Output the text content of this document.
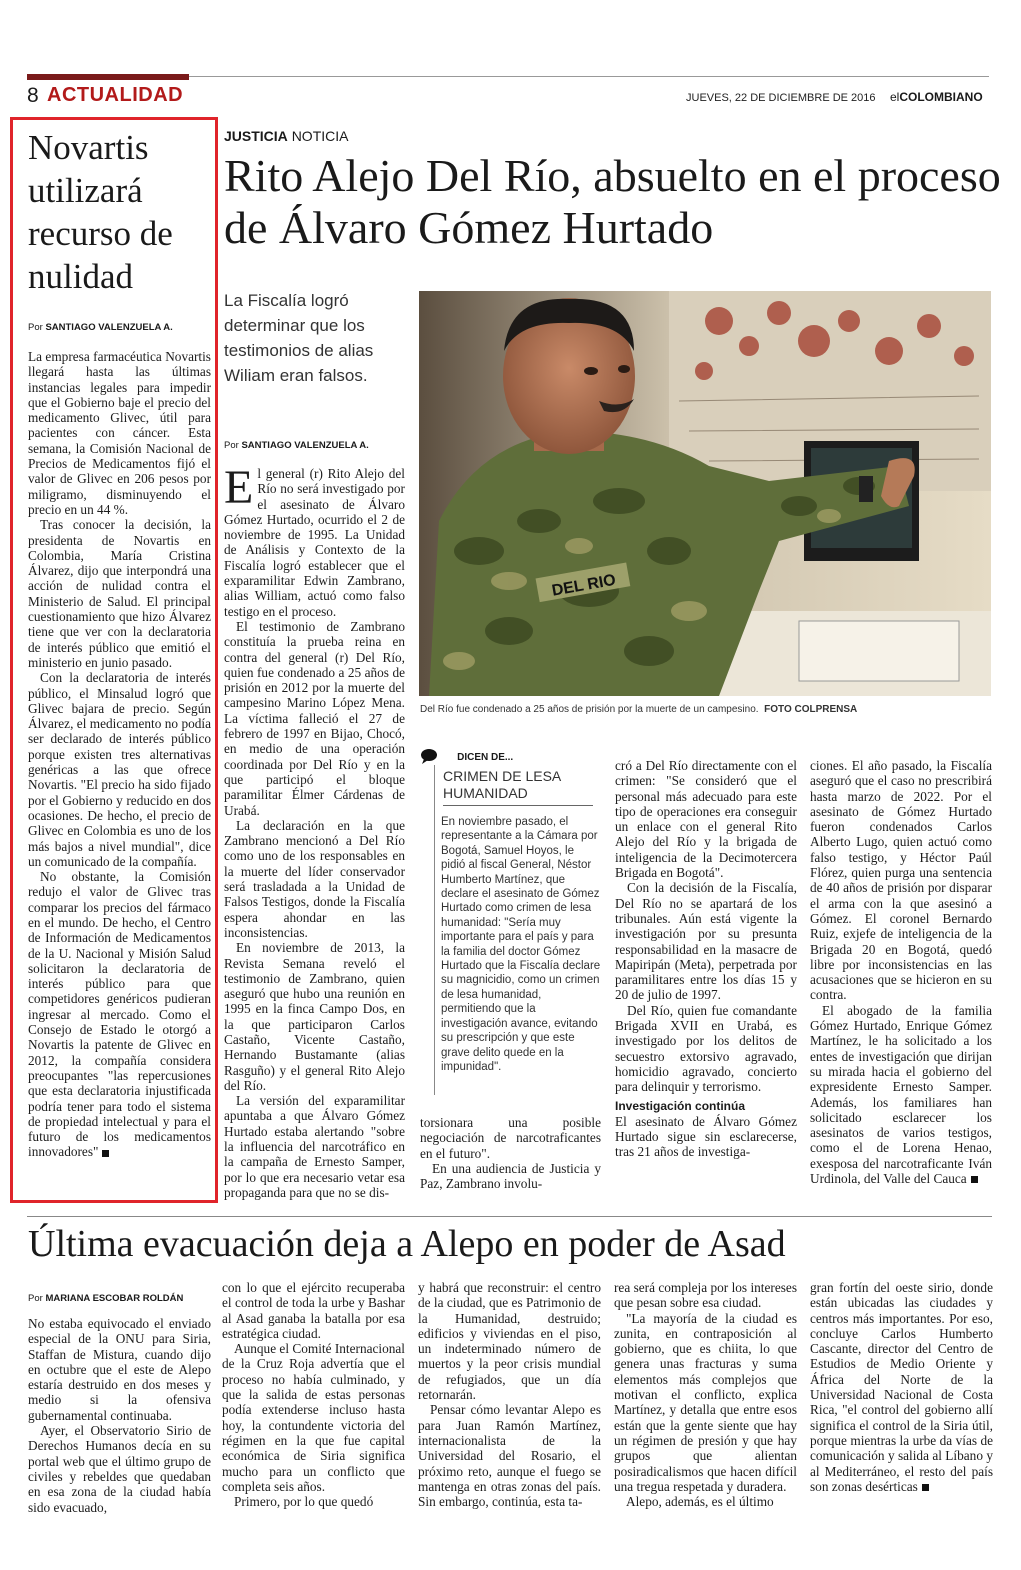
8 ACTUALIDAD	JUEVES, 22 DE DICIEMBRE DE 2016 elCOLOMBIANO
Novartis utilizará recurso de nulidad
Por SANTIAGO VALENZUELA A.

La empresa farmacéutica Novartis llegará hasta las últimas instancias legales para impedir que el Gobierno baje el precio del medicamento Glivec, útil para pacientes con cáncer. Esta semana, la Comisión Nacional de Precios de Medicamentos fijó el valor de Glivec en 206 pesos por miligramo, disminuyendo el precio en un 44 %.

Tras conocer la decisión, la presidenta de Novartis en Colombia, María Cristina Álvarez, dijo que interpondrá una acción de nulidad contra el Ministerio de Salud. El principal cuestionamiento que hizo Álvarez tiene que ver con la declaratoria de interés público que emitió el ministerio en junio pasado.

Con la declaratoria de interés público, el Minsalud logró que Glivec bajara de precio. Según Álvarez, el medicamento no podía ser declarado de interés público porque existen tres alternativas genéricas a las que ofrece Novartis. "El precio ha sido fijado por el Gobierno y reducido en dos ocasiones. De hecho, el precio de Glivec en Colombia es uno de los más bajos a nivel mundial", dice un comunicado de la compañía.

No obstante, la Comisión redujo el valor de Glivec tras comparar los precios del fármaco en el mundo. De hecho, el Centro de Información de Medicamentos de la U. Nacional y Misión Salud solicitaron la declaratoria de interés público para que competidores genéricos pudieran ingresar al mercado. Como el Consejo de Estado le otorgó a Novartis la patente de Glivec en 2012, la compañía considera preocupantes "las repercusiones que esta declaratoria injustificada podría tener para todo el sistema de propiedad intelectual y para el futuro de los medicamentos innovadores"

JUSTICIA NOTICIA
Rito Alejo Del Río, absuelto en el proceso de Álvaro Gómez Hurtado
La Fiscalía logró determinar que los testimonios de alias Wiliam eran falsos.
Por SANTIAGO VALENZUELA A.
DEL RIO
Del Río fue condenado a 25 años de prisión por la muerte de un campesino. FOTO COLPRENSA

El general (r) Rito Alejo del Río no será investigado por el asesinato de Álvaro Gómez Hurtado, ocurrido el 2 de noviembre de 1995. La Unidad de Análisis y Contexto de la Fiscalía logró establecer que el exparamilitar Edwin Zambrano, alias William, actuó como falso testigo en el proceso.

El testimonio de Zambrano constituía la prueba reina en contra del general (r) Del Río, quien fue condenado a 25 años de prisión en 2012 por la muerte del campesino Marino López Mena. La víctima falleció el 27 de febrero de 1997 en Bijao, Chocó, en medio de una operación coordinada por Del Río y en la que participó el bloque paramilitar Élmer Cárdenas de Urabá.

La declaración en la que Zambrano mencionó a Del Río como uno de los responsables en la muerte del líder conservador será trasladada a la Unidad de Falsos Testigos, donde la Fiscalía espera ahondar en las inconsistencias.

En noviembre de 2013, la Revista Semana reveló el testimonio de Zambrano, quien aseguró que hubo una reunión en 1995 en la finca Campo Dos, en la que participaron Carlos Castaño, Vicente Castaño, Hernando Bustamante (alias Rasguño) y el general Rito Alejo del Río.

La versión del exparamilitar apuntaba a que Álvaro Gómez Hurtado estaba alertando "sobre la influencia del narcotráfico en la campaña de Ernesto Samper, por lo que era necesario vetar esa propaganda para que no se dis-

DICEN DE...
CRIMEN DE LESA HUMANIDAD
En noviembre pasado, el representante a la Cámara por Bogotá, Samuel Hoyos, le pidió al fiscal General, Néstor Humberto Martínez, que declare el asesinato de Gómez Hurtado como crimen de lesa humanidad: "Sería muy importante para el país y para la familia del doctor Gómez Hurtado que la Fiscalía declare su magnicidio, como un crimen de lesa humanidad, permitiendo que la investigación avance, evitando su prescripción y que este grave delito quede en la impunidad".

torsionara una posible negociación de narcotraficantes en el futuro".

En una audiencia de Justicia y Paz, Zambrano involu-

cró a Del Río directamente con el crimen: "Se consideró que el personal más adecuado para este tipo de operaciones era conseguir un enlace con el general Rito Alejo del Río y la brigada de inteligencia de la Decimotercera Brigada en Bogotá".

Con la decisión de la Fiscalía, Del Río no se apartará de los tribunales. Aún está vigente la investigación por su presunta responsabilidad en la masacre de Mapiripán (Meta), perpetrada por paramilitares entre los días 15 y 20 de julio de 1997.

Del Río, quien fue comandante Brigada XVII en Urabá, es investigado por los delitos de secuestro extorsivo agravado, homicidio agravado, concierto para delinquir y terrorismo.

Investigación continúa

El asesinato de Álvaro Gómez Hurtado sigue sin esclarecerse, tras 21 años de investiga-

ciones. El año pasado, la Fiscalía aseguró que el caso no prescribirá hasta marzo de 2022. Por el asesinato de Gómez Hurtado fueron condenados Carlos Alberto Lugo, quien actuó como falso testigo, y Héctor Paúl Flórez, quien purga una sentencia de 40 años de prisión por disparar el arma con la que asesinó a Gómez. El coronel Bernardo Ruiz, exjefe de inteligencia de la Brigada 20 en Bogotá, quedó libre por inconsistencias en las acusaciones que se hicieron en su contra.

El abogado de la familia Gómez Hurtado, Enrique Gómez Martínez, le ha solicitado a los entes de investigación que dirijan su mirada hacia el gobierno del expresidente Ernesto Samper. Además, los familiares han solicitado esclarecer los asesinatos de varios testigos, como el de Lorena Henao, exesposa del narcotraficante Iván Urdinola, del Valle del Cauca

Última evacuación deja a Alepo en poder de Asad
Por MARIANA ESCOBAR ROLDÁN

No estaba equivocado el enviado especial de la ONU para Siria, Staffan de Mistura, cuando dijo en octubre que el este de Alepo estaría destruido en dos meses y medio si la ofensiva gubernamental continuaba.

Ayer, el Observatorio Sirio de Derechos Humanos decía en su portal web que el último grupo de civiles y rebeldes que quedaban en esa zona de la ciudad había sido evacuado,

con lo que el ejército recuperaba el control de toda la urbe y Bashar al Asad ganaba la batalla por esa estratégica ciudad.

Aunque el Comité Internacional de la Cruz Roja advertía que el proceso no había culminado, y que la salida de estas personas podía extenderse incluso hasta hoy, la contundente victoria del régimen en la que fue capital económica de Siria significa mucho para un conflicto que completa seis años.

Primero, por lo que quedó

y habrá que reconstruir: el centro de la ciudad, que es Patrimonio de la Humanidad, destruido; edificios y viviendas en el piso, un indeterminado número de muertos y la peor crisis mundial de refugiados, que un día retornarán.

Pensar cómo levantar Alepo es para Juan Ramón Martínez, internacionalista de la Universidad del Rosario, el próximo reto, aunque el fuego se mantenga en otras zonas del país. Sin embargo, continúa, esta ta-

rea será compleja por los intereses que pesan sobre esa ciudad.

"La mayoría de la ciudad es zunita, en contraposición al gobierno, que es chiita, lo que genera unas fracturas y suma elementos más complejos que motivan el conflicto, explica Martínez, y detalla que entre esos están que la gente siente que hay un régimen de presión y que hay grupos que alientan posiradicalismos que hacen difícil una tregua respetada y duradera.

Alepo, además, es el último

gran fortín del oeste sirio, donde están ubicadas las ciudades y centros más importantes. Por eso, concluye Carlos Humberto Cascante, director del Centro de Estudios de Medio Oriente y África del Norte de la Universidad Nacional de Costa Rica, "el control del gobierno allí significa el control de la Siria útil, porque mientras la urbe da vías de comunicación y salida al Líbano y al Mediterráneo, el resto del país son zonas desérticas
